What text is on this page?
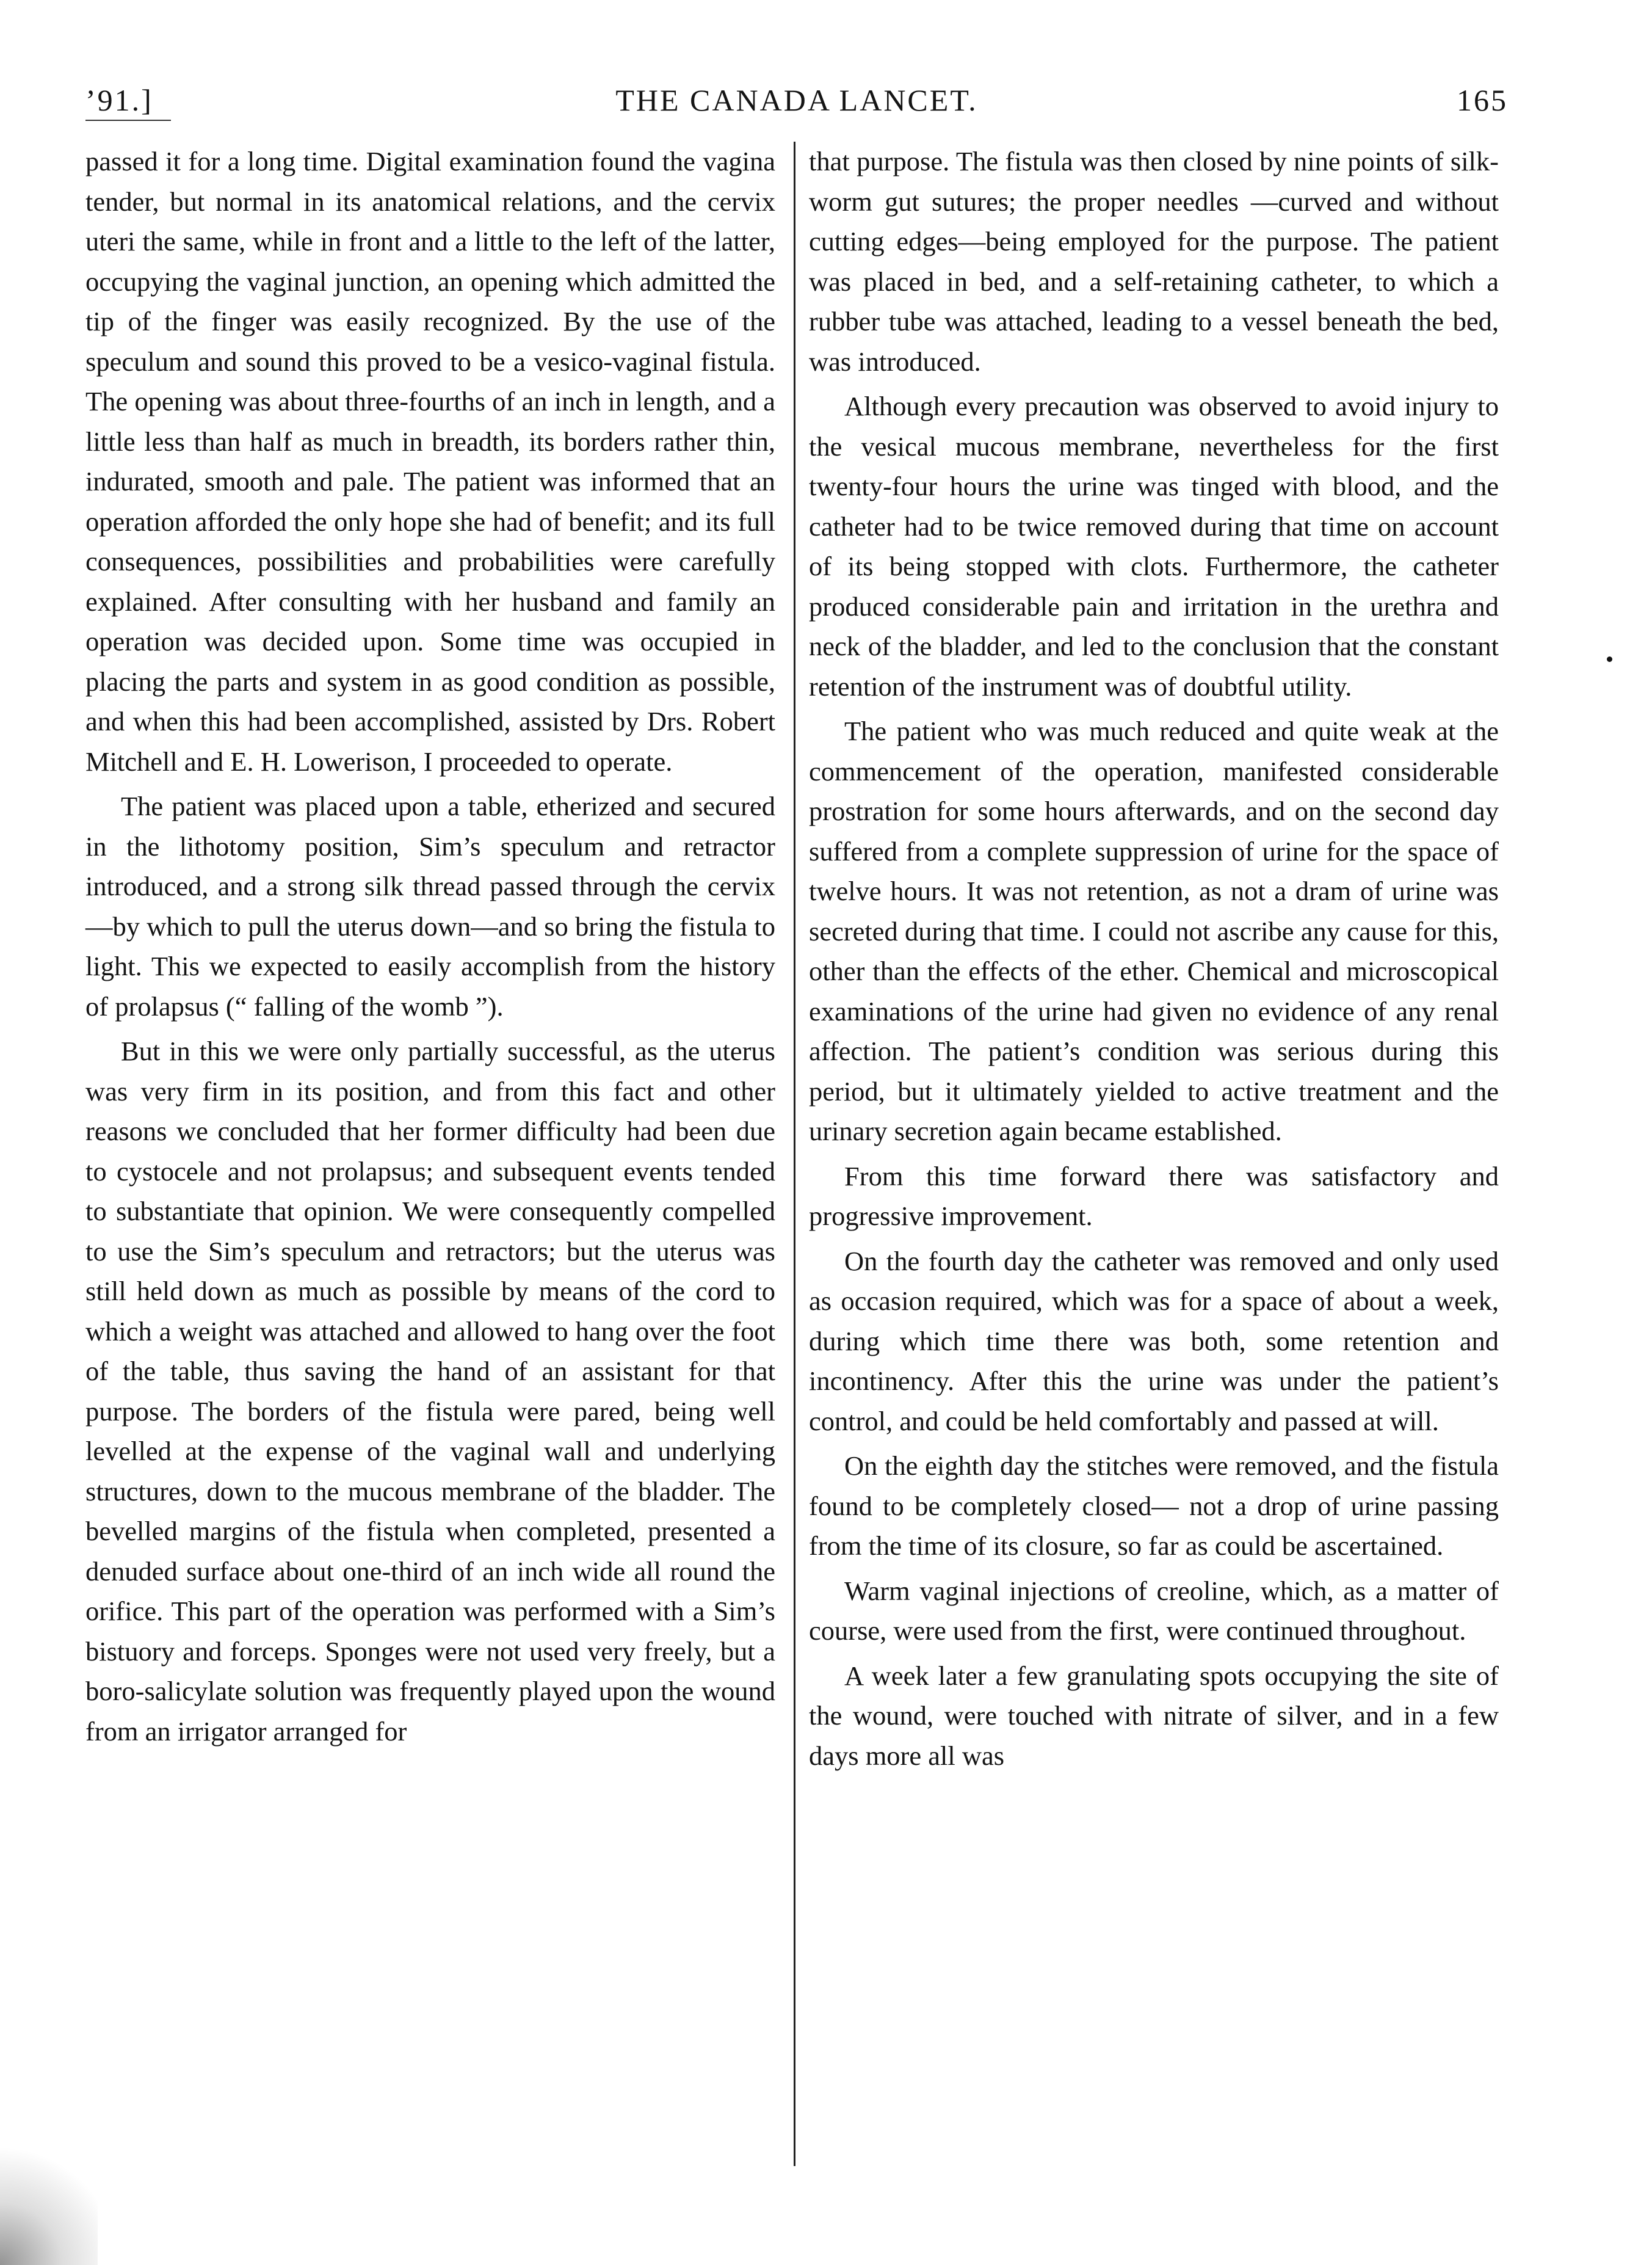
’91.]	THE CANADA LANCET.	165

passed it for a long time. Digital examination found the vagina tender, but normal in its anatomical relations, and the cervix uteri the same, while in front and a little to the left of the latter, occupying the vaginal junction, an opening which admitted the tip of the finger was easily recognized. By the use of the speculum and sound this proved to be a vesico-vaginal fistula. The opening was about three-fourths of an inch in length, and a little less than half as much in breadth, its borders rather thin, indurated, smooth and pale. The patient was informed that an operation afforded the only hope she had of benefit; and its full consequences, possibilities and probabilities were carefully explained. After consulting with her husband and family an operation was decided upon. Some time was occupied in placing the parts and system in as good condition as possible, and when this had been accomplished, assisted by Drs. Robert Mitchell and E. H. Lowerison, I proceeded to operate.

The patient was placed upon a table, etherized and secured in the lithotomy position, Sim’s speculum and retractor introduced, and a strong silk thread passed through the cervix—by which to pull the uterus down—and so bring the fistula to light. This we expected to easily accomplish from the history of prolapsus (“ falling of the womb ”).

But in this we were only partially successful, as the uterus was very firm in its position, and from this fact and other reasons we concluded that her former difficulty had been due to cystocele and not prolapsus; and subsequent events tended to substantiate that opinion. We were consequently compelled to use the Sim’s speculum and retractors; but the uterus was still held down as much as possible by means of the cord to which a weight was attached and allowed to hang over the foot of the table, thus saving the hand of an assistant for that purpose. The borders of the fistula were pared, being well levelled at the expense of the vaginal wall and underlying structures, down to the mucous membrane of the bladder. The bevelled margins of the fistula when completed, presented a denuded surface about one-third of an inch wide all round the orifice. This part of the operation was performed with a Sim’s bistuory and forceps. Sponges were not used very freely, but a boro-salicylate solution was frequently played upon the wound from an irrigator arranged for

that purpose. The fistula was then closed by nine points of silk-worm gut sutures; the proper needles —curved and without cutting edges—being employed for the purpose. The patient was placed in bed, and a self-retaining catheter, to which a rubber tube was attached, leading to a vessel beneath the bed, was introduced.

Although every precaution was observed to avoid injury to the vesical mucous membrane, nevertheless for the first twenty-four hours the urine was tinged with blood, and the catheter had to be twice removed during that time on account of its being stopped with clots. Furthermore, the catheter produced considerable pain and irritation in the urethra and neck of the bladder, and led to the conclusion that the constant retention of the instrument was of doubtful utility.

The patient who was much reduced and quite weak at the commencement of the operation, manifested considerable prostration for some hours afterwards, and on the second day suffered from a complete suppression of urine for the space of twelve hours. It was not retention, as not a dram of urine was secreted during that time. I could not ascribe any cause for this, other than the effects of the ether. Chemical and microscopical examinations of the urine had given no evidence of any renal affection. The patient’s condition was serious during this period, but it ultimately yielded to active treatment and the urinary secretion again became established.

From this time forward there was satisfactory and progressive improvement.

On the fourth day the catheter was removed and only used as occasion required, which was for a space of about a week, during which time there was both, some retention and incontinency. After this the urine was under the patient’s control, and could be held comfortably and passed at will.

On the eighth day the stitches were removed, and the fistula found to be completely closed— not a drop of urine passing from the time of its closure, so far as could be ascertained.

Warm vaginal injections of creoline, which, as a matter of course, were used from the first, were continued throughout.

A week later a few granulating spots occupying the site of the wound, were touched with nitrate of silver, and in a few days more all was
